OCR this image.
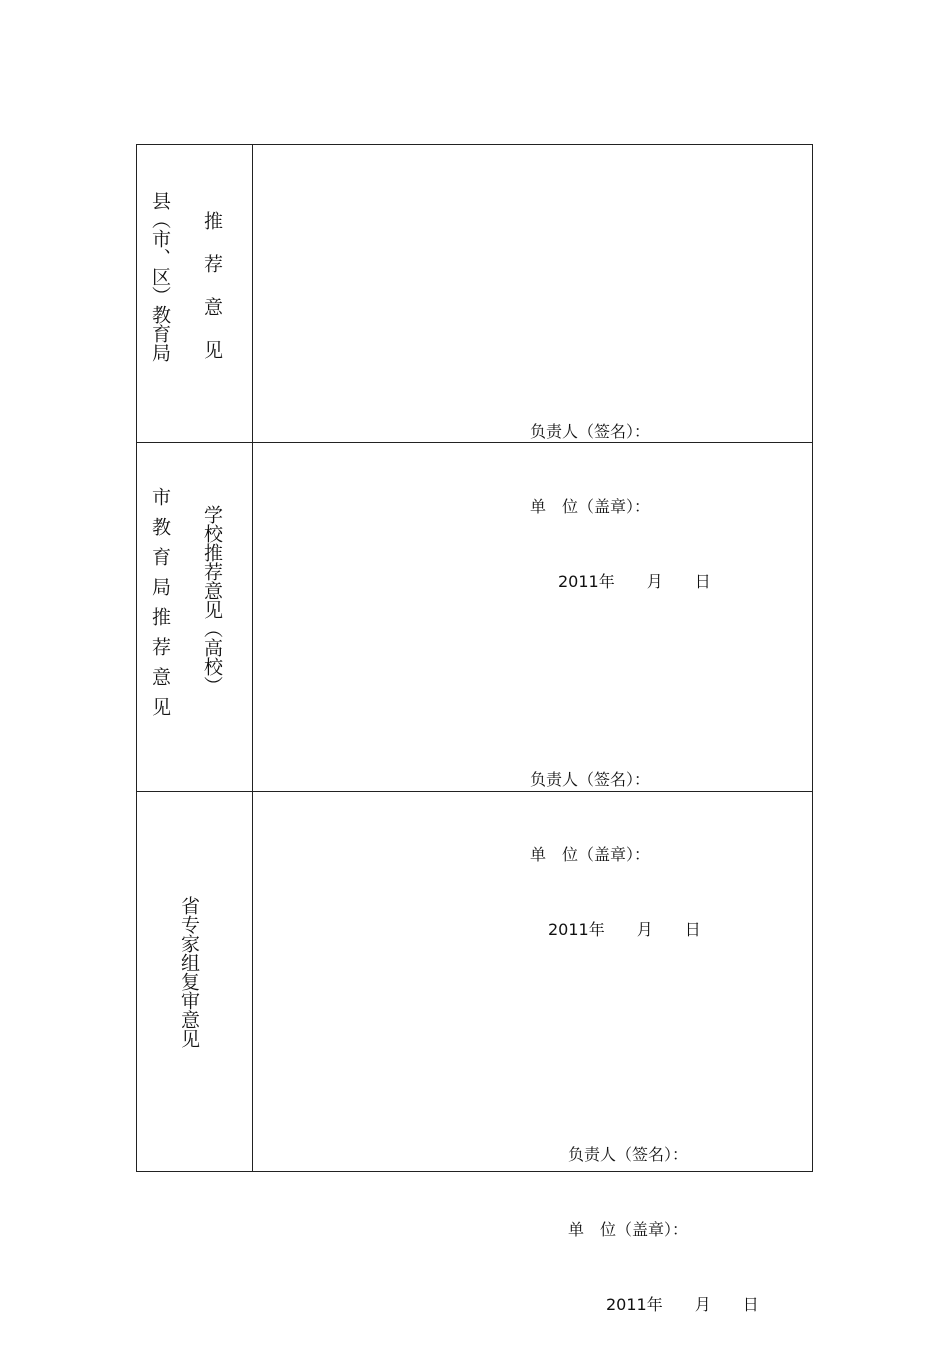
县（市、区）教育局 推荐意见

负责人（签名）：

单　位（盖章）：

2011年　　月　　日

市教育局推荐意见 学校推荐意见（高校）

负责人（签名）：

单　位（盖章）：

2011年　　月　　日

省专家组复审意见

负责人（签名）：

单　位（盖章）：

2011年　　月　　日
